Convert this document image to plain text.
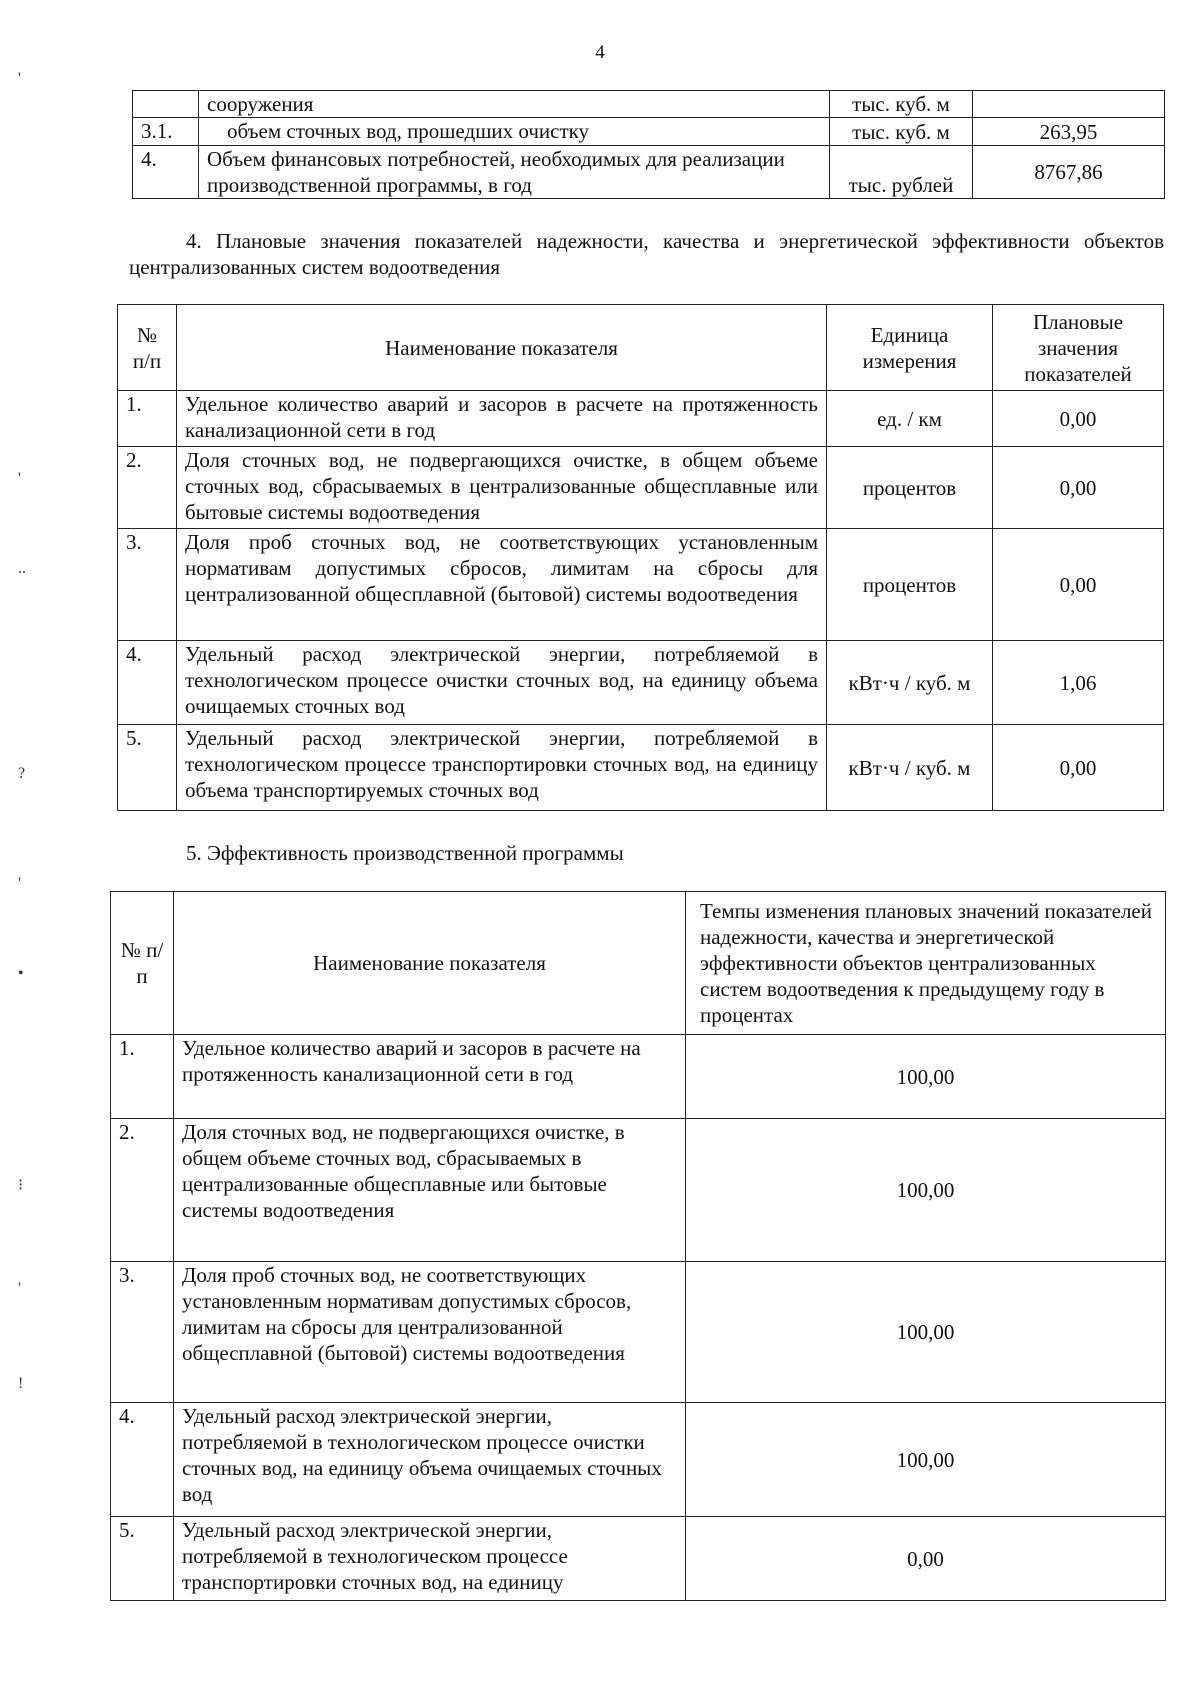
4
'
'
..
?
'
•
⁝
'
!
	сооружения	тыс. куб. м	
3.1.	объем сточных вод, прошедших очистку	тыс. куб. м	263,95
4.	Объем финансовых потребностей, необходимых для реализации производственной программы, в год	тыс. рублей	8767,86
4. Плановые значения показателей надежности, качества и энергетической эффективности объектов централизованных систем водоотведения
№ п/п	Наименование показателя	Единица измерения	Плановые значения показателей
1.	Удельное количество аварий и засоров в расчете на протяженность канализационной сети в год	ед. / км	0,00
2.	Доля сточных вод, не подвергающихся очистке, в общем объеме сточных вод, сбрасываемых в централизованные общесплавные или бытовые системы водоотведения	процентов	0,00
3.	Доля проб сточных вод, не соответствующих установленным нормативам допустимых сбросов, лимитам на сбросы для централизованной общесплавной (бытовой) системы водоотведения	процентов	0,00
4.	Удельный расход электрической энергии, потребляемой в технологическом процессе очистки сточных вод, на единицу объема очищаемых сточных вод	кВт·ч / куб. м	1,06
5.	Удельный расход электрической энергии, потребляемой в технологическом процессе транспортировки сточных вод, на единицу объема транспортируемых сточных вод	кВт·ч / куб. м	0,00
5. Эффективность производственной программы
№ п/п	Наименование показателя	Темпы изменения плановых значений показателей надежности, качества и энергетической эффективности объектов централизованных систем водоотведения к предыдущему году в процентах
1.	Удельное количество аварий и засоров в расчете на протяженность канализационной сети в год	100,00
2.	Доля сточных вод, не подвергающихся очистке, в общем объеме сточных вод, сбрасываемых в централизованные общесплавные или бытовые системы водоотведения	100,00
3.	Доля проб сточных вод, не соответствующих установленным нормативам допустимых сбросов, лимитам на сбросы для централизованной общесплавной (бытовой) системы водоотведения	100,00
4.	Удельный расход электрической энергии, потребляемой в технологическом процессе очистки сточных вод, на единицу объема очищаемых сточных вод	100,00
5.	Удельный расход электрической энергии, потребляемой в технологическом процессе транспортировки сточных вод, на единицу	0,00
